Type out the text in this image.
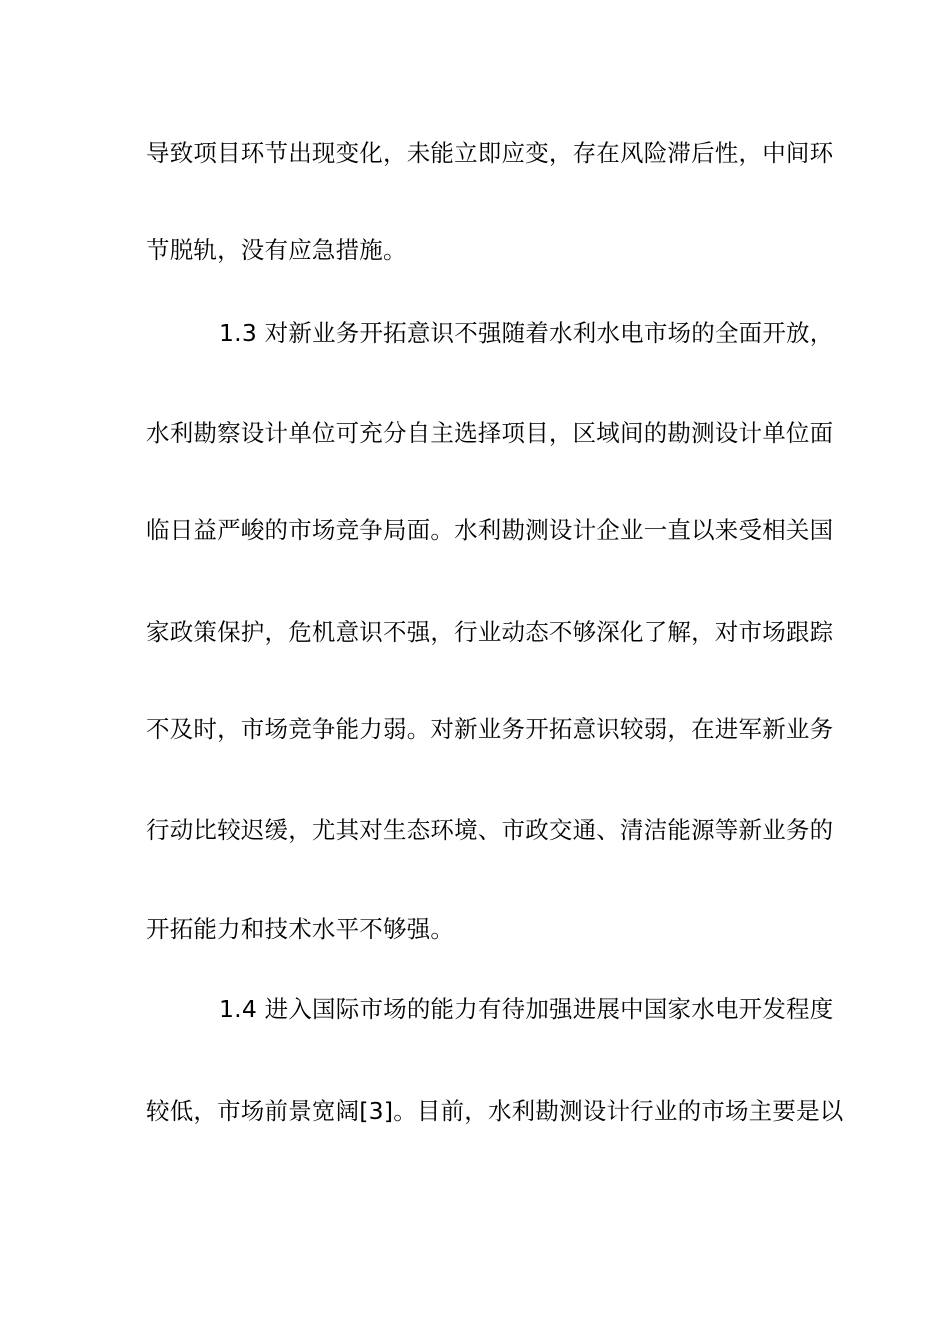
导致项目环节出现变化，未能立即应变，存在风险滞后性，中间环
节脱轨，没有应急措施。
1.3 对新业务开拓意识不强随着水利水电市场的全面开放，
水利勘察设计单位可充分自主选择项目，区域间的勘测设计单位面
临日益严峻的市场竞争局面。水利勘测设计企业一直以来受相关国
家政策保护，危机意识不强，行业动态不够深化了解，对市场跟踪
不及时，市场竞争能力弱。对新业务开拓意识较弱，在进军新业务
行动比较迟缓，尤其对生态环境、市政交通、清洁能源等新业务的
开拓能力和技术水平不够强。
1.4 进入国际市场的能力有待加强进展中国家水电开发程度
较低，市场前景宽阔[3]。目前，水利勘测设计行业的市场主要是以
